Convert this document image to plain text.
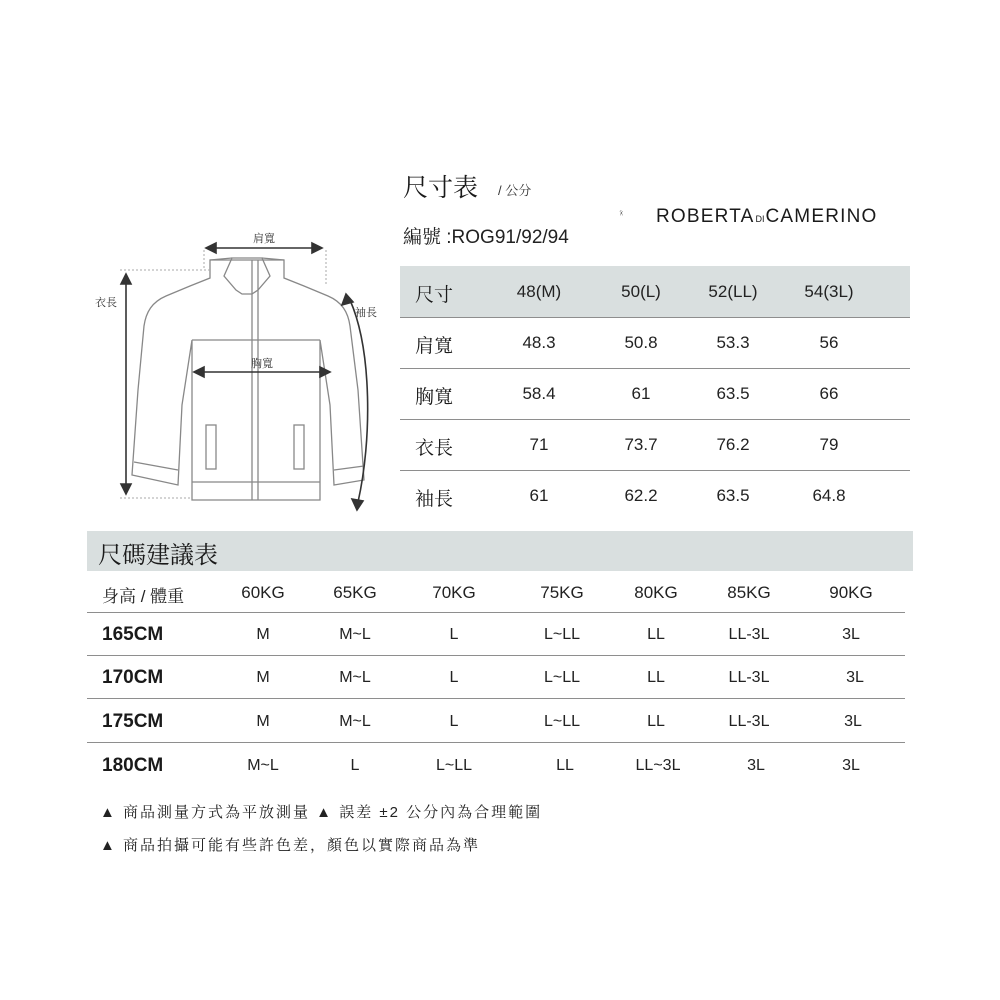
尺寸表 / 公分
編號 :ROG91/92/94
ROBERTADICAMERINO
肩寬
胸寬
衣長
袖長
尺寸	48(M)	50(L)	52(LL)	54(3L)
肩寬	48.3	50.8	53.3	56
胸寬	58.4	61	63.5	66
衣長	71	73.7	76.2	79
袖長	61	62.2	63.5	64.8
尺碼建議表
身高 / 體重	60KG	65KG	70KG	75KG	80KG	85KG	90KG
165CM	M	M~L	L	L~LL	LL	LL-3L	3L
170CM	M	M~L	L	L~LL	LL	LL-3L	3L
175CM	M	M~L	L	L~LL	LL	LL-3L	3L
180CM	M~L	L	L~LL	LL	LL~3L	3L	3L
▲ 商品測量方式為平放測量 ▲ 誤差 ±2 公分內為合理範圍
▲ 商品拍攝可能有些許色差，顏色以實際商品為準
